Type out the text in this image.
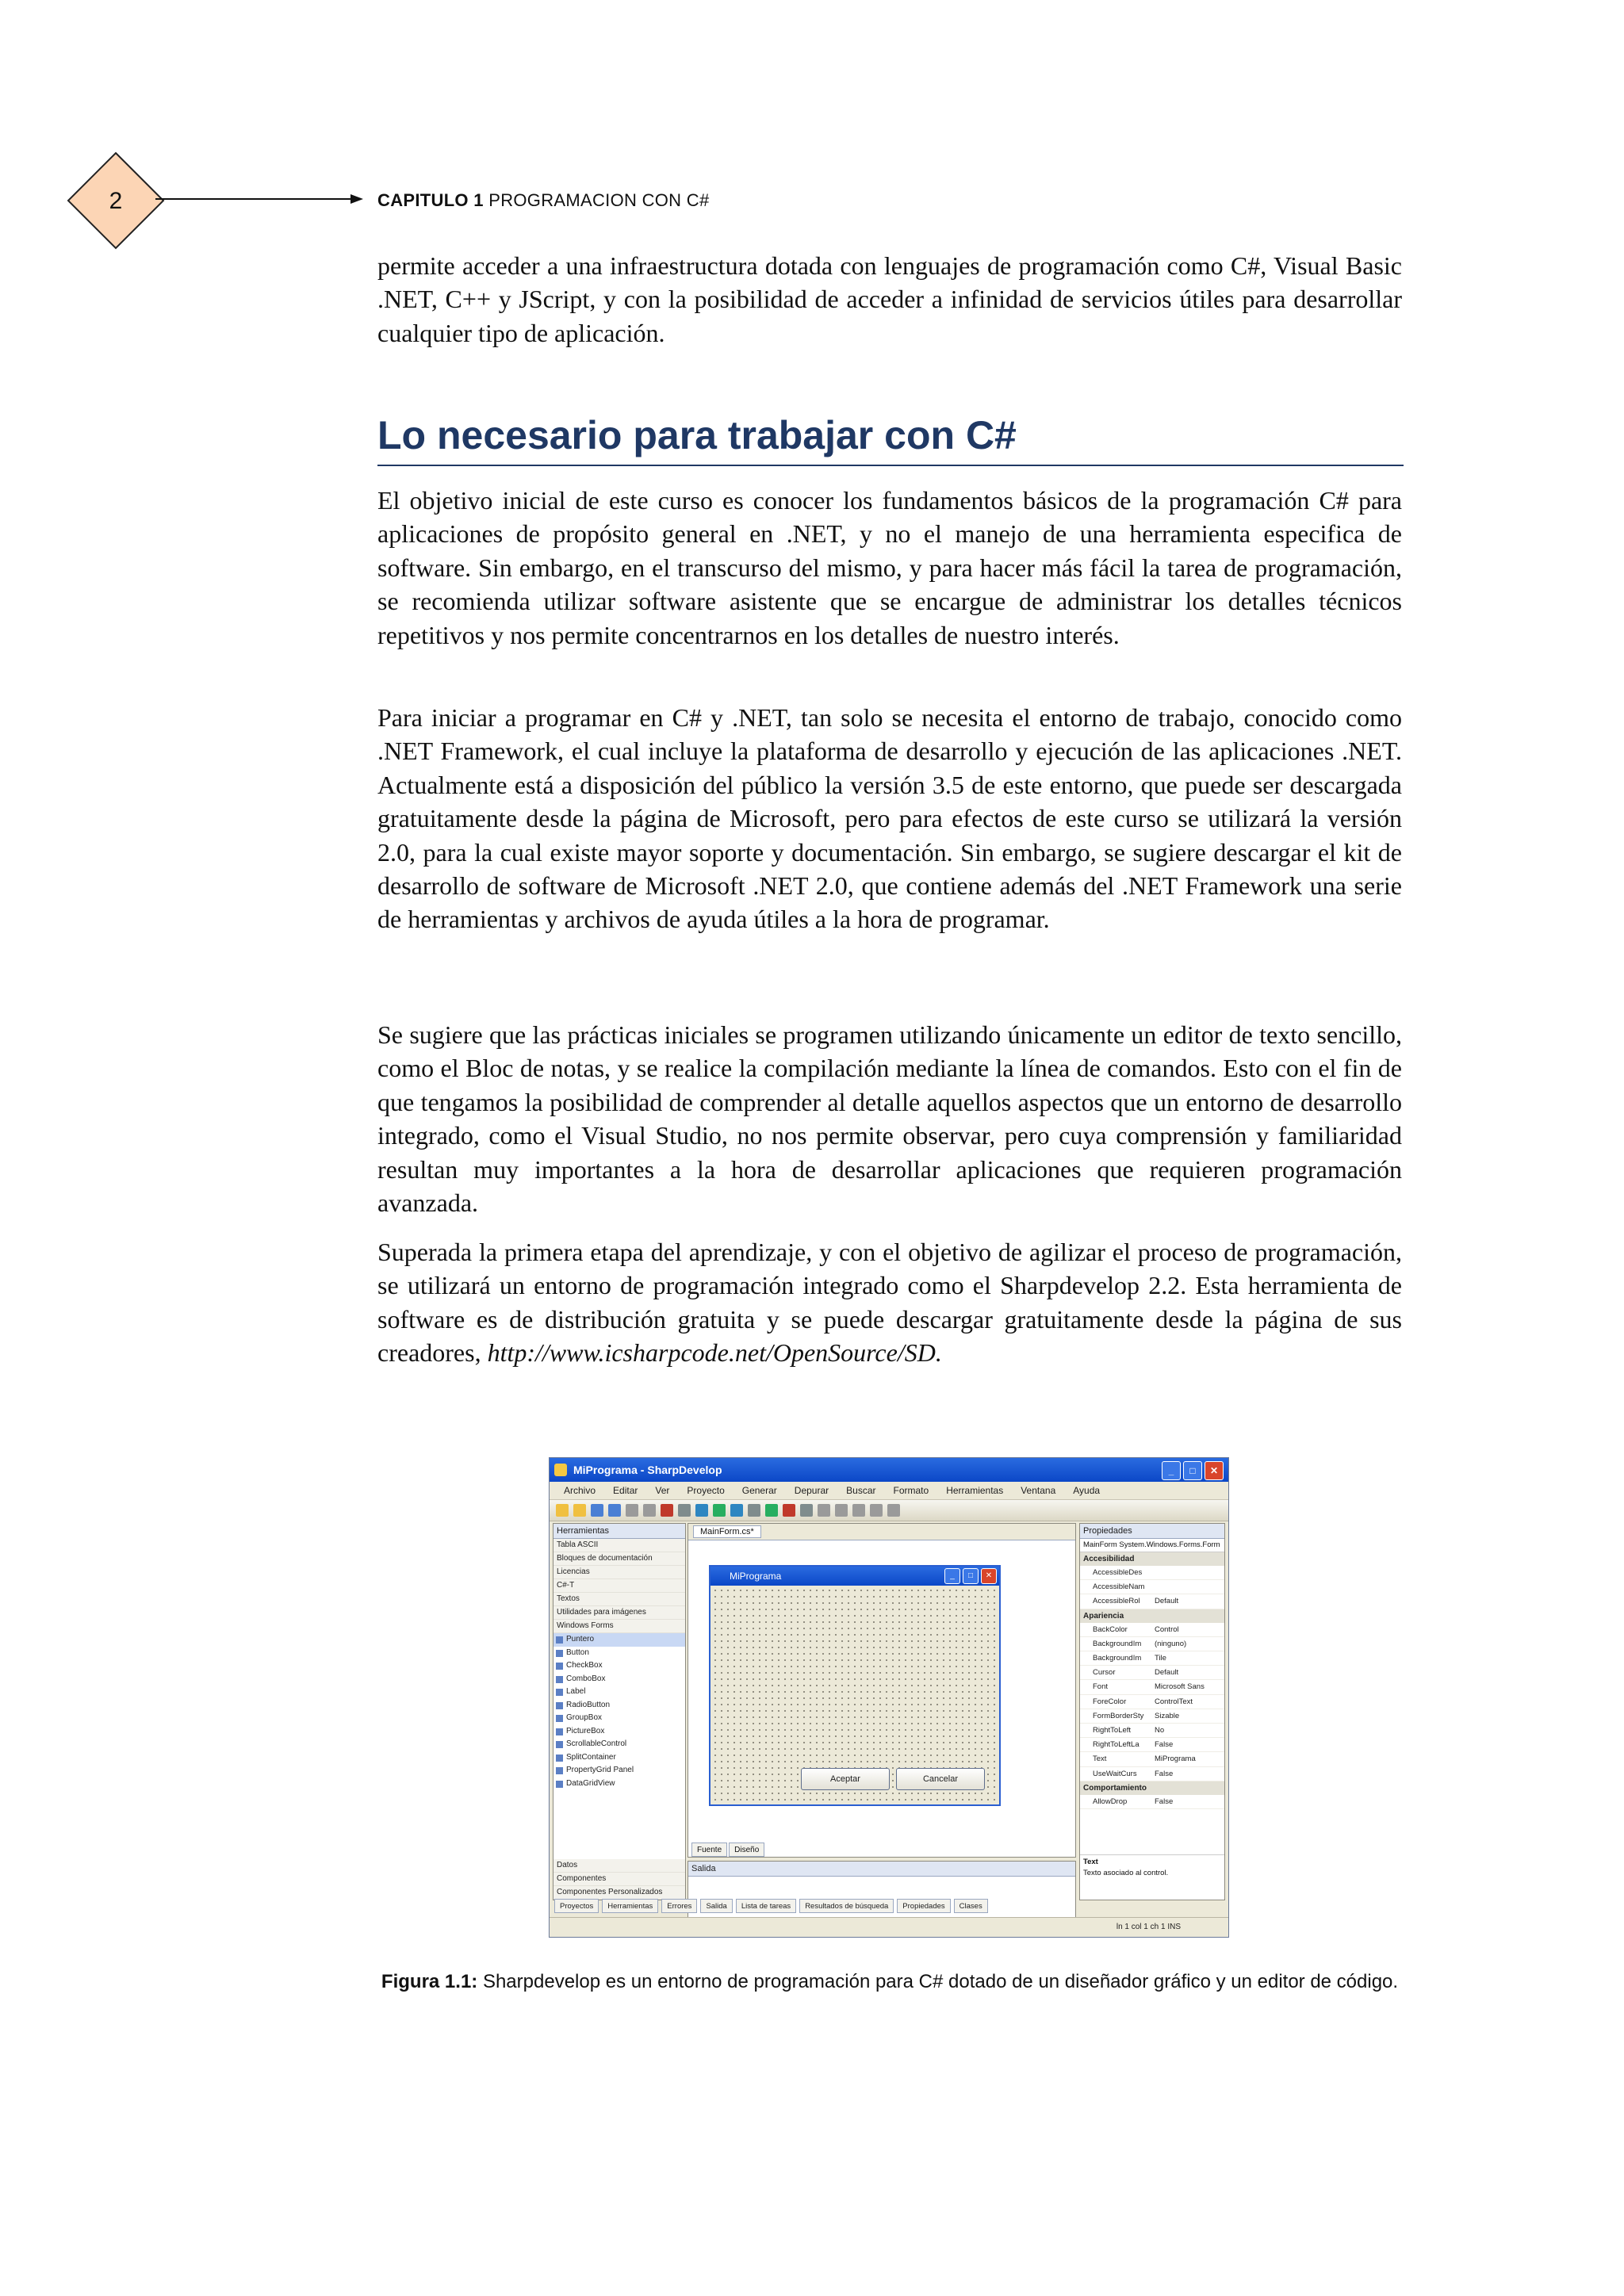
2	CAPITULO 1 PROGRAMACION CON C#

permite acceder a una infraestructura dotada con lenguajes de programación como C#, Visual Basic .NET, C++ y JScript, y con la posibilidad de acceder a infinidad de servicios útiles para desarrollar cualquier tipo de aplicación.

Lo necesario para trabajar con C#

El objetivo inicial de este curso es conocer los fundamentos básicos de la programación C# para aplicaciones de propósito general en .NET, y no el manejo de una herramienta especifica de software. Sin embargo, en el transcurso del mismo, y para hacer más fácil la tarea de programación, se recomienda utilizar software asistente que se encargue de administrar los detalles técnicos repetitivos y nos permite concentrarnos en los detalles de nuestro interés.

Para iniciar a programar en C# y .NET, tan solo se necesita el entorno de trabajo, conocido como .NET Framework, el cual incluye la plataforma de desarrollo y ejecución de las aplicaciones .NET. Actualmente está a disposición del público la versión 3.5 de este entorno, que puede ser descargada gratuitamente desde la página de Microsoft, pero para efectos de este curso se utilizará la versión 2.0, para la cual existe mayor soporte y documentación. Sin embargo, se sugiere descargar el kit de desarrollo de software de Microsoft .NET 2.0, que contiene además del .NET Framework una serie de herramientas y archivos de ayuda útiles a la hora de programar.

Se sugiere que las prácticas iniciales se programen utilizando únicamente un editor de texto sencillo, como el Bloc de notas, y se realice la compilación mediante la línea de comandos. Esto con el fin de que tengamos la posibilidad de comprender al detalle aquellos aspectos que un entorno de desarrollo integrado, como el Visual Studio, no nos permite observar, pero cuya comprensión y familiaridad resultan muy importantes a la hora de desarrollar aplicaciones que requieren programación avanzada.

Superada la primera etapa del aprendizaje, y con el objetivo de agilizar el proceso de programación, se utilizará un entorno de programación integrado como el Sharpdevelop 2.2. Esta herramienta de software es de distribución gratuita y se puede descargar gratuitamente desde la página de sus creadores, http://www.icsharpcode.net/OpenSource/SD.

MiPrograma - SharpDevelop	_	□	✕
Archivo Editar Ver Proyecto Generar Depurar Buscar Formato Herramientas Ventana Ayuda
Herramientas
Tabla ASCII
Bloques de documentación
Licencias
C#-T
Textos
Utilidades para imágenes
Windows Forms
Puntero
Button
CheckBox
ComboBox
Label
RadioButton
GroupBox
PictureBox
ScrollableControl
SplitContainer
PropertyGrid Panel
DataGridView
Datos
Componentes
Componentes Personalizados
MainForm.cs*
MiPrograma	_	□	✕
Aceptar	Cancelar
Fuente	Diseño
Salida
Propiedades
MainForm System.Windows.Forms.Form
Accesibilidad
AccessibleDes
AccessibleNam
AccessibleRol	Default
Apariencia
BackColor	Control
BackgroundIm	(ninguno)
BackgroundIm	Tile
Cursor	Default
Font	Microsoft Sans
ForeColor	ControlText
FormBorderSty	Sizable
RightToLeft	No
RightToLeftLa	False
Text	MiPrograma
UseWaitCurs	False
Comportamiento
AllowDrop	False
Text
Texto asociado al control.
Proyectos	Herramientas	Errores	Salida	Lista de tareas	Resultados de búsqueda	Propiedades	Clases
ln 1 col 1 ch 1 INS
Figura 1.1: Sharpdevelop es un entorno de programación para C# dotado de un diseñador gráfico y un editor de código.
